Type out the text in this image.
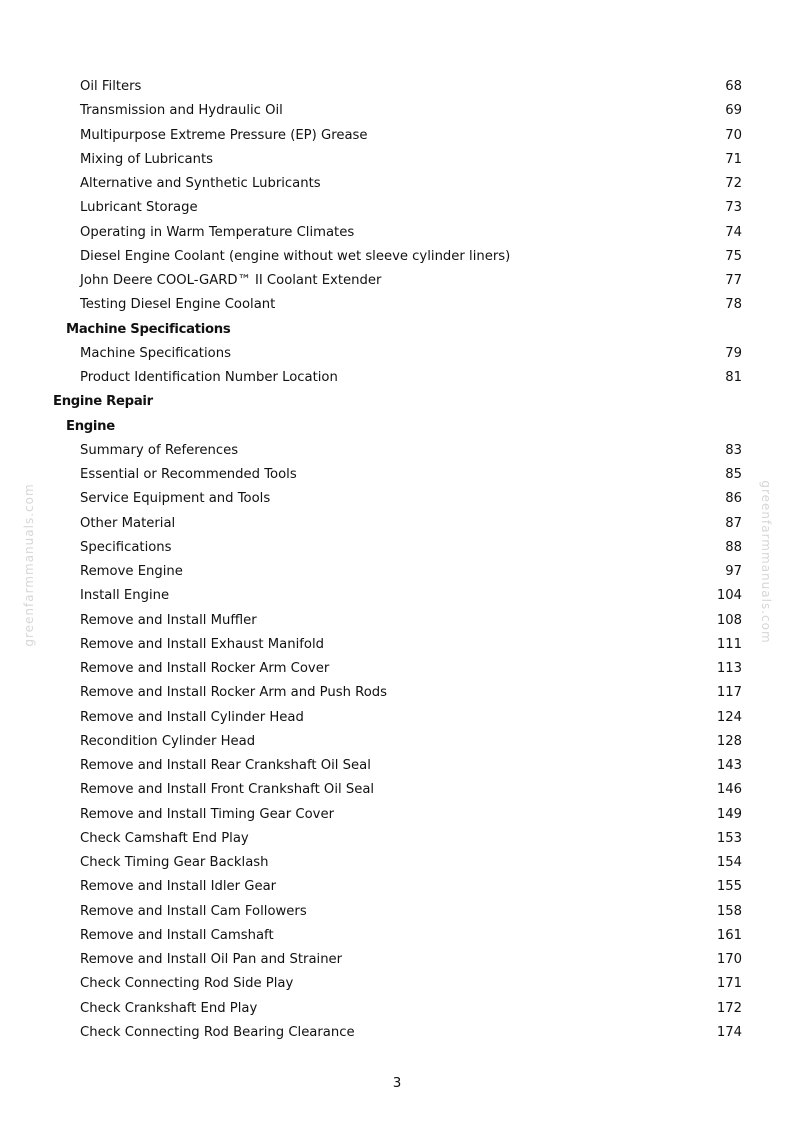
greenfarmmanuals.com	greenfarmmanuals.com
Oil Filters	68
Transmission and Hydraulic Oil	69
Multipurpose Extreme Pressure (EP) Grease	70
Mixing of Lubricants	71
Alternative and Synthetic Lubricants	72
Lubricant Storage	73
Operating in Warm Temperature Climates	74
Diesel Engine Coolant (engine without wet sleeve cylinder liners)	75
John Deere COOL-GARD™ II Coolant Extender	77
Testing Diesel Engine Coolant	78
Machine Specifications
Machine Specifications	79
Product Identification Number Location	81
Engine Repair
Engine
Summary of References	83
Essential or Recommended Tools	85
Service Equipment and Tools	86
Other Material	87
Specifications	88
Remove Engine	97
Install Engine	104
Remove and Install Muffler	108
Remove and Install Exhaust Manifold	111
Remove and Install Rocker Arm Cover	113
Remove and Install Rocker Arm and Push Rods	117
Remove and Install Cylinder Head	124
Recondition Cylinder Head	128
Remove and Install Rear Crankshaft Oil Seal	143
Remove and Install Front Crankshaft Oil Seal	146
Remove and Install Timing Gear Cover	149
Check Camshaft End Play	153
Check Timing Gear Backlash	154
Remove and Install Idler Gear	155
Remove and Install Cam Followers	158
Remove and Install Camshaft	161
Remove and Install Oil Pan and Strainer	170
Check Connecting Rod Side Play	171
Check Crankshaft End Play	172
Check Connecting Rod Bearing Clearance	174
3
